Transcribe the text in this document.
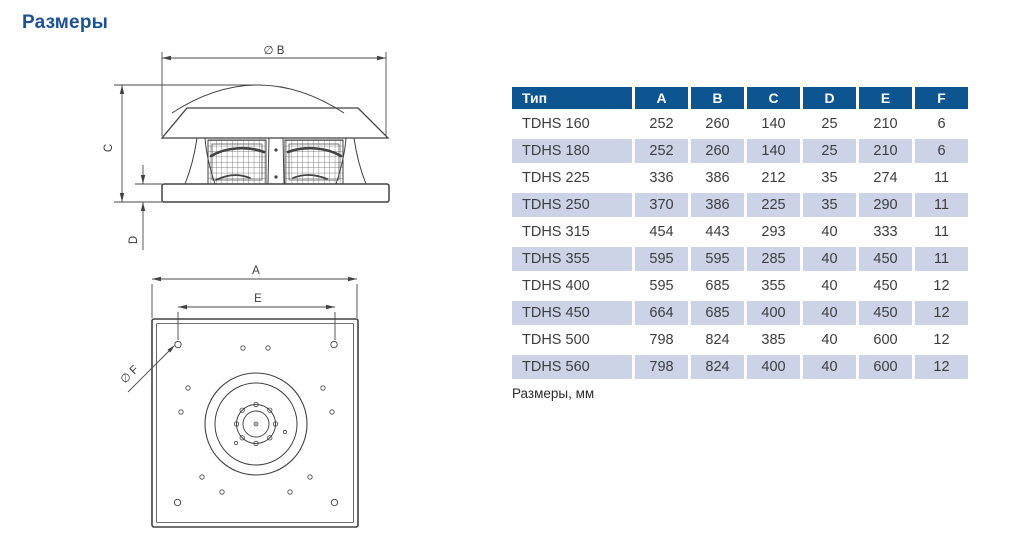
Размеры
∅ B
C
D
A
E
∅ F
Тип	A	B	C	D	E	F
TDHS 160	252	260	140	25	210	6
TDHS 180	252	260	140	25	210	6
TDHS 225	336	386	212	35	274	11
TDHS 250	370	386	225	35	290	11
TDHS 315	454	443	293	40	333	11
TDHS 355	595	595	285	40	450	11
TDHS 400	595	685	355	40	450	12
TDHS 450	664	685	400	40	450	12
TDHS 500	798	824	385	40	600	12
TDHS 560	798	824	400	40	600	12
Размеры, мм
